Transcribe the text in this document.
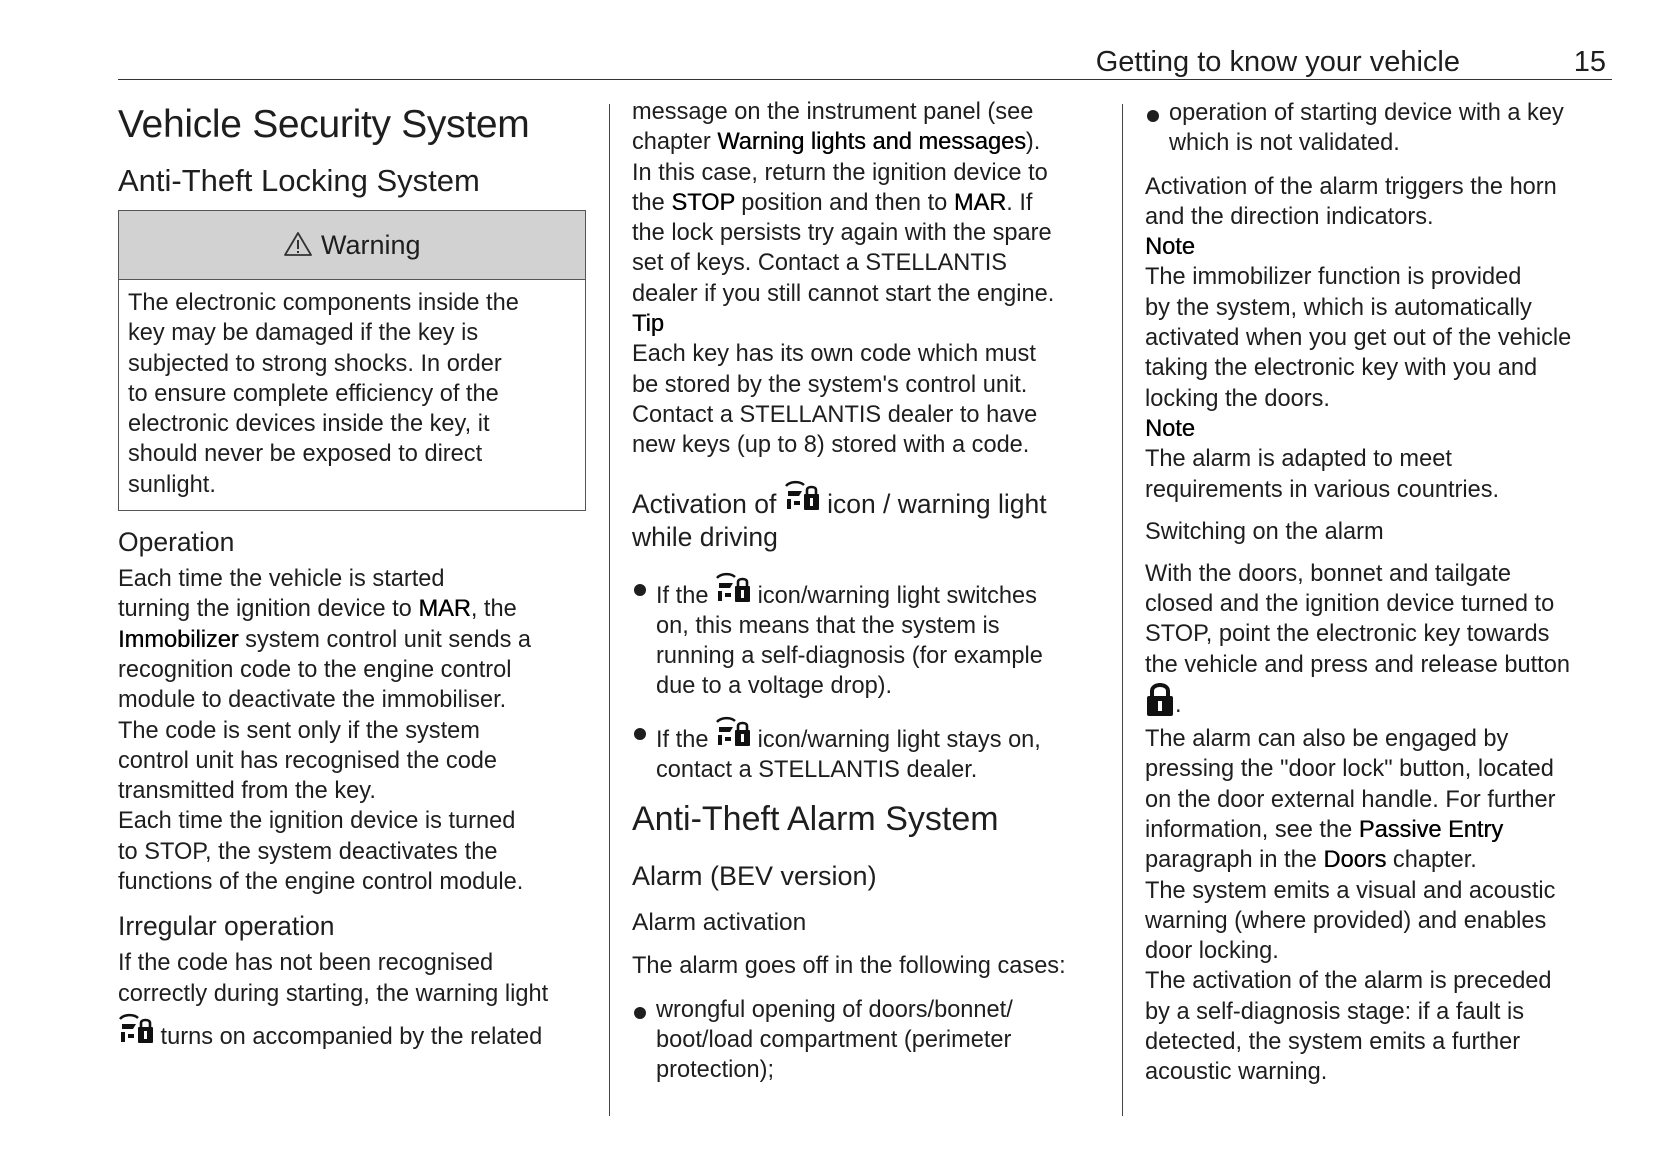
Getting to know your vehicle	15
Vehicle Security System
Anti-Theft Locking System
Warning
The electronic components inside the
key may be damaged if the key is
subjected to strong shocks. In order
to ensure complete efficiency of the
electronic devices inside the key, it
should never be exposed to direct
sunlight.
Operation
Each time the vehicle is started
turning the ignition device to MAR, the
Immobilizer system control unit sends a
recognition code to the engine control
module to deactivate the immobiliser.
The code is sent only if the system
control unit has recognised the code
transmitted from the key.
Each time the ignition device is turned
to STOP, the system deactivates the
functions of the engine control module.
Irregular operation
If the code has not been recognised
correctly during starting, the warning light
turns on accompanied by the related
message on the instrument panel (see
chapter Warning lights and messages).
In this case, return the ignition device to
the STOP position and then to MAR. If
the lock persists try again with the spare
set of keys. Contact a STELLANTIS
dealer if you still cannot start the engine.
Tip
Each key has its own code which must
be stored by the system's control unit.
Contact a STELLANTIS dealer to have
new keys (up to 8) stored with a code.
Activation of  icon / warning light
while driving
If the  icon/warning light switches
on, this means that the system is
running a self-diagnosis (for example
due to a voltage drop).
If the  icon/warning light stays on,
contact a STELLANTIS dealer.
Anti-Theft Alarm System
Alarm (BEV version)
Alarm activation
The alarm goes off in the following cases:
wrongful opening of doors/bonnet/
boot/load compartment (perimeter
protection);
operation of starting device with a key
which is not validated.
Activation of the alarm triggers the horn
and the direction indicators.
Note
The immobilizer function is provided
by the system, which is automatically
activated when you get out of the vehicle
taking the electronic key with you and
locking the doors.
Note
The alarm is adapted to meet
requirements in various countries.
Switching on the alarm
With the doors, bonnet and tailgate
closed and the ignition device turned to
STOP, point the electronic key towards
the vehicle and press and release button
.
The alarm can also be engaged by
pressing the "door lock" button, located
on the door external handle. For further
information, see the Passive Entry
paragraph in the Doors chapter.
The system emits a visual and acoustic
warning (where provided) and enables
door locking.
The activation of the alarm is preceded
by a self-diagnosis stage: if a fault is
detected, the system emits a further
acoustic warning.
